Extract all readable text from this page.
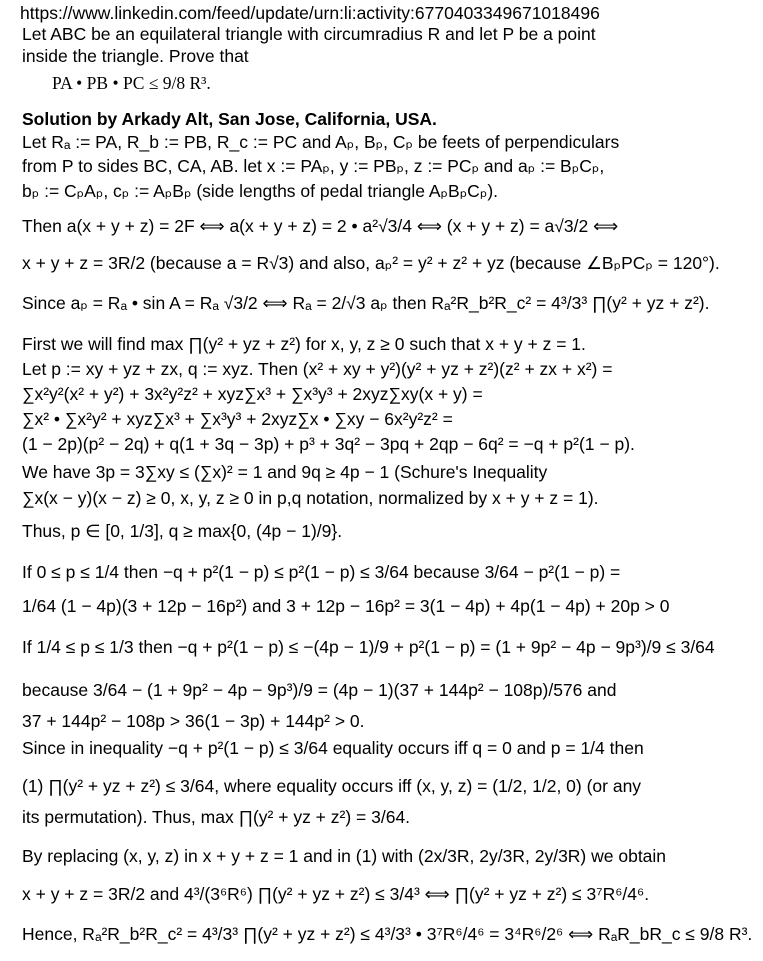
https://www.linkedin.com/feed/update/urn:li:activity:6770403349671018496
Let ABC be an equilateral triangle with circumradius R and let P be a point
inside the triangle. Prove that
PA • PB • PC ≤ 9/8 R³.
Solution by Arkady Alt, San Jose, California, USA.
Let Rₐ := PA, R_b := PB, R_c := PC and Aₚ, Bₚ, Cₚ be feets of perpendiculars
from P to sides BC, CA, AB. let x := PAₚ, y := PBₚ, z := PCₚ and aₚ := BₚCₚ,
bₚ := CₚAₚ, cₚ := AₚBₚ (side lengths of pedal triangle AₚBₚCₚ).
Then a(x + y + z) = 2F ⟺ a(x + y + z) = 2 • a²√3/4 ⟺ (x + y + z) = a√3/2 ⟺
x + y + z = 3R/2 (because a = R√3) and also, aₚ² = y² + z² + yz (because ∠BₚPCₚ = 120°).
Since aₚ = Rₐ • sin A = Rₐ √3/2 ⟺ Rₐ = 2/√3 aₚ then Rₐ²R_b²R_c² = 4³/3³ ∏(y² + yz + z²).
First we will find max ∏(y² + yz + z²) for x, y, z ≥ 0 such that x + y + z = 1.
Let p := xy + yz + zx, q := xyz. Then (x² + xy + y²)(y² + yz + z²)(z² + zx + x²) =
∑x²y²(x² + y²) + 3x²y²z² + xyz∑x³ + ∑x³y³ + 2xyz∑xy(x + y) =
∑x² • ∑x²y² + xyz∑x³ + ∑x³y³ + 2xyz∑x • ∑xy − 6x²y²z² =
(1 − 2p)(p² − 2q) + q(1 + 3q − 3p) + p³ + 3q² − 3pq + 2qp − 6q² = −q + p²(1 − p).
We have 3p = 3∑xy ≤ (∑x)² = 1 and 9q ≥ 4p − 1 (Schure's Inequality
∑x(x − y)(x − z) ≥ 0, x, y, z ≥ 0 in p,q notation, normalized by x + y + z = 1).
Thus, p ∈ [0, 1/3], q ≥ max{0, (4p − 1)/9}.
If 0 ≤ p ≤ 1/4 then −q + p²(1 − p) ≤ p²(1 − p) ≤ 3/64 because 3/64 − p²(1 − p) =
1/64 (1 − 4p)(3 + 12p − 16p²) and 3 + 12p − 16p² = 3(1 − 4p) + 4p(1 − 4p) + 20p > 0
If 1/4 ≤ p ≤ 1/3 then −q + p²(1 − p) ≤ −(4p − 1)/9 + p²(1 − p) = (1 + 9p² − 4p − 9p³)/9 ≤ 3/64
because 3/64 − (1 + 9p² − 4p − 9p³)/9 = (4p − 1)(37 + 144p² − 108p)/576 and
37 + 144p² − 108p > 36(1 − 3p) + 144p² > 0.
Since in inequality −q + p²(1 − p) ≤ 3/64 equality occurs iff q = 0 and p = 1/4 then
(1) ∏(y² + yz + z²) ≤ 3/64, where equality occurs iff (x, y, z) = (1/2, 1/2, 0) (or any
its permutation). Thus, max ∏(y² + yz + z²) = 3/64.
By replacing (x, y, z) in x + y + z = 1 and in (1) with (2x/3R, 2y/3R, 2y/3R) we obtain
x + y + z = 3R/2 and 4³/(3⁶R⁶) ∏(y² + yz + z²) ≤ 3/4³ ⟺ ∏(y² + yz + z²) ≤ 3⁷R⁶/4⁶.
Hence, Rₐ²R_b²R_c² = 4³/3³ ∏(y² + yz + z²) ≤ 4³/3³ • 3⁷R⁶/4⁶ = 3⁴R⁶/2⁶ ⟺ RₐR_bR_c ≤ 9/8 R³.
